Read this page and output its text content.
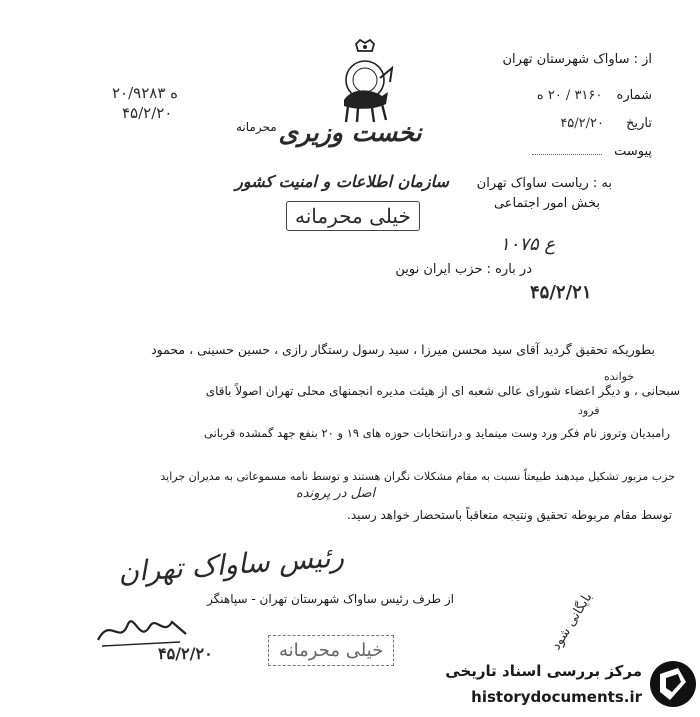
از : ساواک شهرستان تهران
شماره ۳۱۶۰ / ۲۰ ه
تاریخ ۴۵/۲/۲۰
پیوست
۲۰/۹۲۸۳ ه
۴۵/۲/۲۰
محرمانه نخست وزیری
سازمان اطلاعات و امنیت کشور
خیلی محرمانه
به : ریاست ساواک تهران
بخش امور اجتماعی
ع ۱۰۷۵
۴۵/۲/۲۱
در باره : حزب ایران نوین
بطوریکه تحقیق گردید آقای سید محسن میرزا ، سید رسول رستگار رازی ، حسین حسینی ، محمود
سبحانی ، و دیگر اعضاء شورای عالی شعبه ای از هیئت مدیره انجمنهای محلی تهران اصولاً باقای
خوانده
فرود
رامبدیان وتروز نام فکر ورد وست مینماید و درانتخابات حوزه های ۱۹ و ۲۰ بنفع جهد گمشده قربانی
حزب مزبور تشکیل میدهند طبیعتاً نسبت به مقام مشکلات نگران هستند و توسط نامه مسموعاتی به مدیران جراید
اصل در پرونده
توسط مقام مربوطه تحقیق ونتیجه متعاقباً باستحضار خواهد رسید.
رئیس ساواک تهران
از طرف رئیس ساواک شهرستان تهران - سپاهنگر
۴۵/۲/۲۰
بایگانی شود
خیلی محرمانه
مرکز بررسی اسناد تاریخی
historydocuments.ir
